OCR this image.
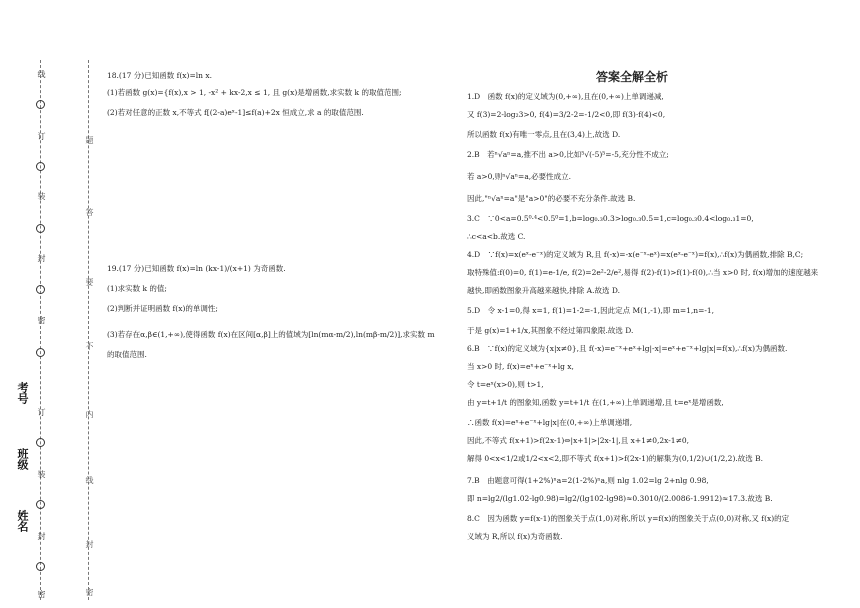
线
订
装
封
密
订
装
封
密
姓名
班级
考号
题
答
要
不
内
线
封
密
18.(17 分)已知函数 f(x)=ln x.
(1)若函数 g(x)={f(x),x > 1, -x² + kx-2,x ≤ 1, 且 g(x)是增函数,求实数 k 的取值范围;
(2)若对任意的正数 x,不等式 f[(2-a)eˣ-1]≤f(a)+2x 恒成立,求 a 的取值范围.
19.(17 分)已知函数 f(x)=ln (kx-1)/(x+1) 为奇函数.
(1)求实数 k 的值;
(2)判断并证明函数 f(x)的单调性;
(3)若存在α,β∈(1,+∞),使得函数 f(x)在区间[α,β]上的值域为[ln(mα-m/2),ln(mβ-m/2)],求实数 m
的取值范围.
答案全解全析
1.D　函数 f(x)的定义域为(0,+∞),且在(0,+∞)上单调递减,
又 f(3)=2-log₂3>0, f(4)=3/2-2=-1/2<0,即 f(3)·f(4)<0,
所以函数 f(x)有唯一零点,且在(3,4)上,故选 D.
2.B　若ⁿ√aⁿ=a,推不出 a>0,比如⁵√(-5)⁵=-5,充分性不成立;
若 a>0,则ⁿ√aⁿ=a,必要性成立.
因此,"ⁿ√aⁿ=a"是"a>0"的必要不充分条件.故选 B.
3.C　∵0<a=0.5⁰·⁴<0.5⁰=1,b=log₀.₃0.3>log₀.₃0.5=1,c=log₀.₃0.4<log₀.₃1=0,
∴c<a<b.故选 C.
4.D　∵f(x)=x(eˣ-e⁻ˣ)的定义域为 R,且 f(-x)=-x(e⁻ˣ-eˣ)=x(eˣ-e⁻ˣ)=f(x),∴f(x)为偶函数,排除 B,C;
取特殊值:f(0)=0, f(1)=e-1/e, f(2)=2e²-2/e²,易得 f(2)-f(1)>f(1)-f(0),∴当 x>0 时, f(x)增加的速度越来
越快,即函数图象升高越来越快,排除 A.故选 D.
5.D　令 x-1=0,得 x=1, f(1)=1-2=-1,因此定点 M(1,-1),即 m=1,n=-1,
于是 g(x)=1+1/x,其图象不经过第四象限.故选 D.
6.B　∵f(x)的定义域为{x|x≠0},且 f(-x)=e⁻ˣ+eˣ+lg|-x|=eˣ+e⁻ˣ+lg|x|=f(x),∴f(x)为偶函数.
当 x>0 时, f(x)=eˣ+e⁻ˣ+lg x,
令 t=eˣ(x>0),则 t>1,
由 y=t+1/t 的图象知,函数 y=t+1/t 在(1,+∞)上单调递增,且 t=eˣ是增函数,
∴函数 f(x)=eˣ+e⁻ˣ+lg|x|在(0,+∞)上单调递增,
因此,不等式 f(x+1)>f(2x-1)⇔|x+1|>|2x-1|,且 x+1≠0,2x-1≠0,
解得 0<x<1/2或1/2<x<2,即不等式 f(x+1)>f(2x-1)的解集为(0,1/2)∪(1/2,2).故选 B.
7.B　由题意可得(1+2%)ⁿa=2(1-2%)ⁿa,则 nlg 1.02=lg 2+nlg 0.98,
即 n=lg2/(lg1.02-lg0.98)=lg2/(lg102-lg98)≈0.3010/(2.0086-1.9912)≈17.3.故选 B.
8.C　因为函数 y=f(x-1)的图象关于点(1,0)对称,所以 y=f(x)的图象关于点(0,0)对称,又 f(x)的定
义域为 R,所以 f(x)为奇函数.
